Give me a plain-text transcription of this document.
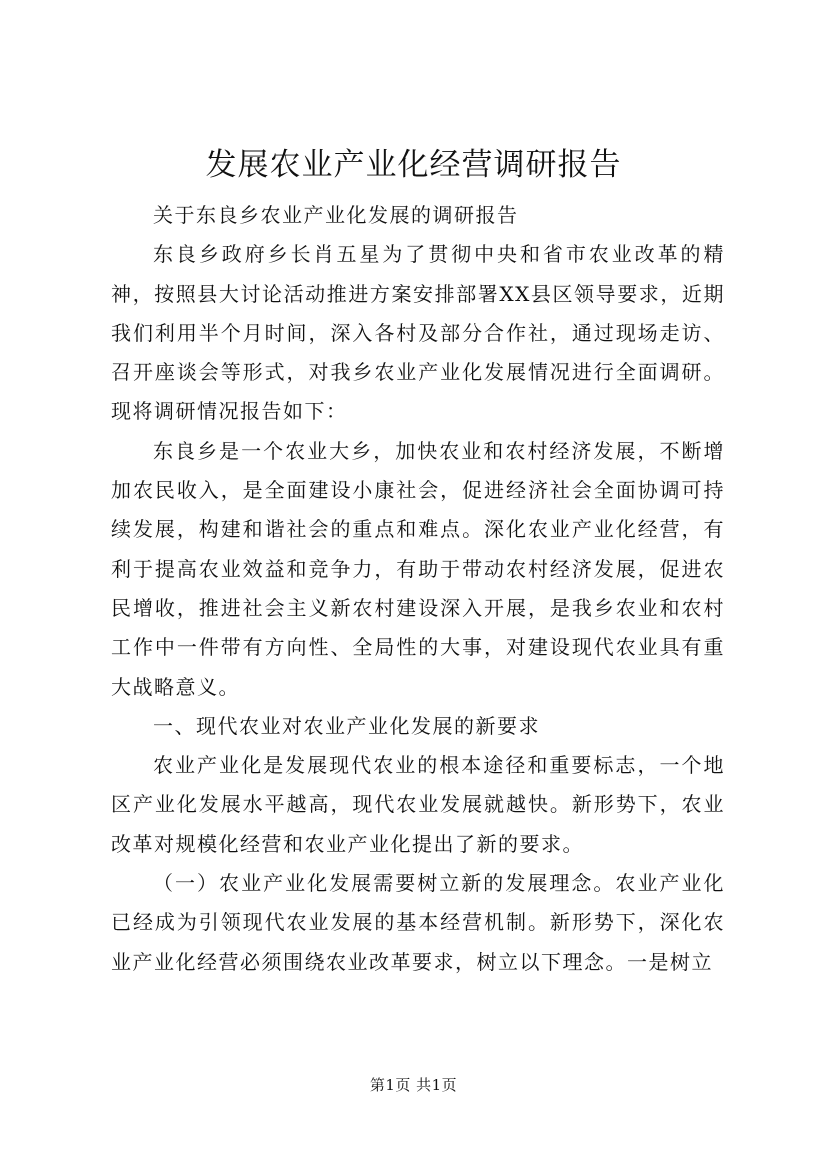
发展农业产业化经营调研报告

关于东良乡农业产业化发展的调研报告

东良乡政府乡长肖五星为了贯彻中央和省市农业改革的精神，按照县大讨论活动推进方案安排部署XX县区领导要求，近期我们利用半个月时间，深入各村及部分合作社，通过现场走访、召开座谈会等形式，对我乡农业产业化发展情况进行全面调研。现将调研情况报告如下：

东良乡是一个农业大乡，加快农业和农村经济发展，不断增加农民收入，是全面建设小康社会，促进经济社会全面协调可持续发展，构建和谐社会的重点和难点。深化农业产业化经营，有利于提高农业效益和竞争力，有助于带动农村经济发展，促进农民增收，推进社会主义新农村建设深入开展，是我乡农业和农村工作中一件带有方向性、全局性的大事，对建设现代农业具有重大战略意义。

一、现代农业对农业产业化发展的新要求

农业产业化是发展现代农业的根本途径和重要标志，一个地区产业化发展水平越高，现代农业发展就越快。新形势下，农业改革对规模化经营和农业产业化提出了新的要求。

（一）农业产业化发展需要树立新的发展理念。农业产业化已经成为引领现代农业发展的基本经营机制。新形势下，深化农业产业化经营必须围绕农业改革要求，树立以下理念。一是树立

第1页 共1页
